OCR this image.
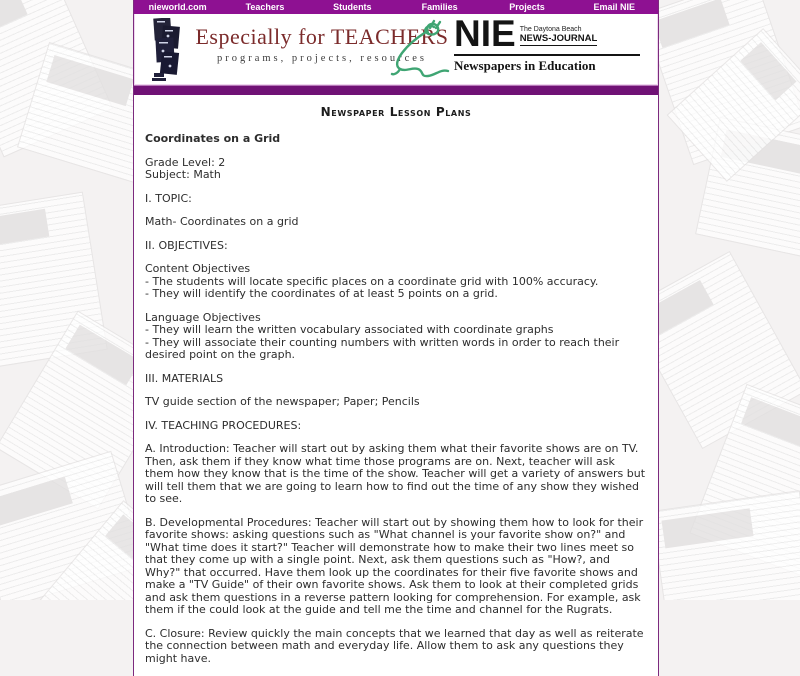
nieworld.com	Teachers	Students	Families	Projects	Email NIE
Especially for TEACHERS
programs, projects, resources
NIE The Daytona Beach
NEWS-JOURNAL
Newspapers in Education
Newspaper Lesson Plans

Coordinates on a Grid

Grade Level: 2
Subject: Math

I. TOPIC:

Math- Coordinates on a grid

II. OBJECTIVES:

Content Objectives
- The students will locate specific places on a coordinate grid with 100% accuracy.
- They will identify the coordinates of at least 5 points on a grid.

Language Objectives
- They will learn the written vocabulary associated with coordinate graphs
- They will associate their counting numbers with written words in order to reach their desired point on the graph.

III. MATERIALS

TV guide section of the newspaper; Paper; Pencils

IV. TEACHING PROCEDURES:

A. Introduction: Teacher will start out by asking them what their favorite shows are on TV. Then, ask them if they know what time those programs are on. Next, teacher will ask them how they know that is the time of the show. Teacher will get a variety of answers but will tell them that we are going to learn how to find out the time of any show they wished to see.

B. Developmental Procedures: Teacher will start out by showing them how to look for their favorite shows: asking questions such as "What channel is your favorite show on?" and "What time does it start?" Teacher will demonstrate how to make their two lines meet so that they come up with a single point. Next, ask them questions such as "How?, and Why?" that occurred. Have them look up the coordinates for their five favorite shows and make a "TV Guide" of their own favorite shows. Ask them to look at their completed grids and ask them questions in a reverse pattern looking for comprehension. For example, ask them if the could look at the guide and tell me the time and channel for the Rugrats.

C. Closure: Review quickly the main concepts that we learned that day as well as reiterate the connection between math and everyday life. Allow them to ask any questions they might have.
